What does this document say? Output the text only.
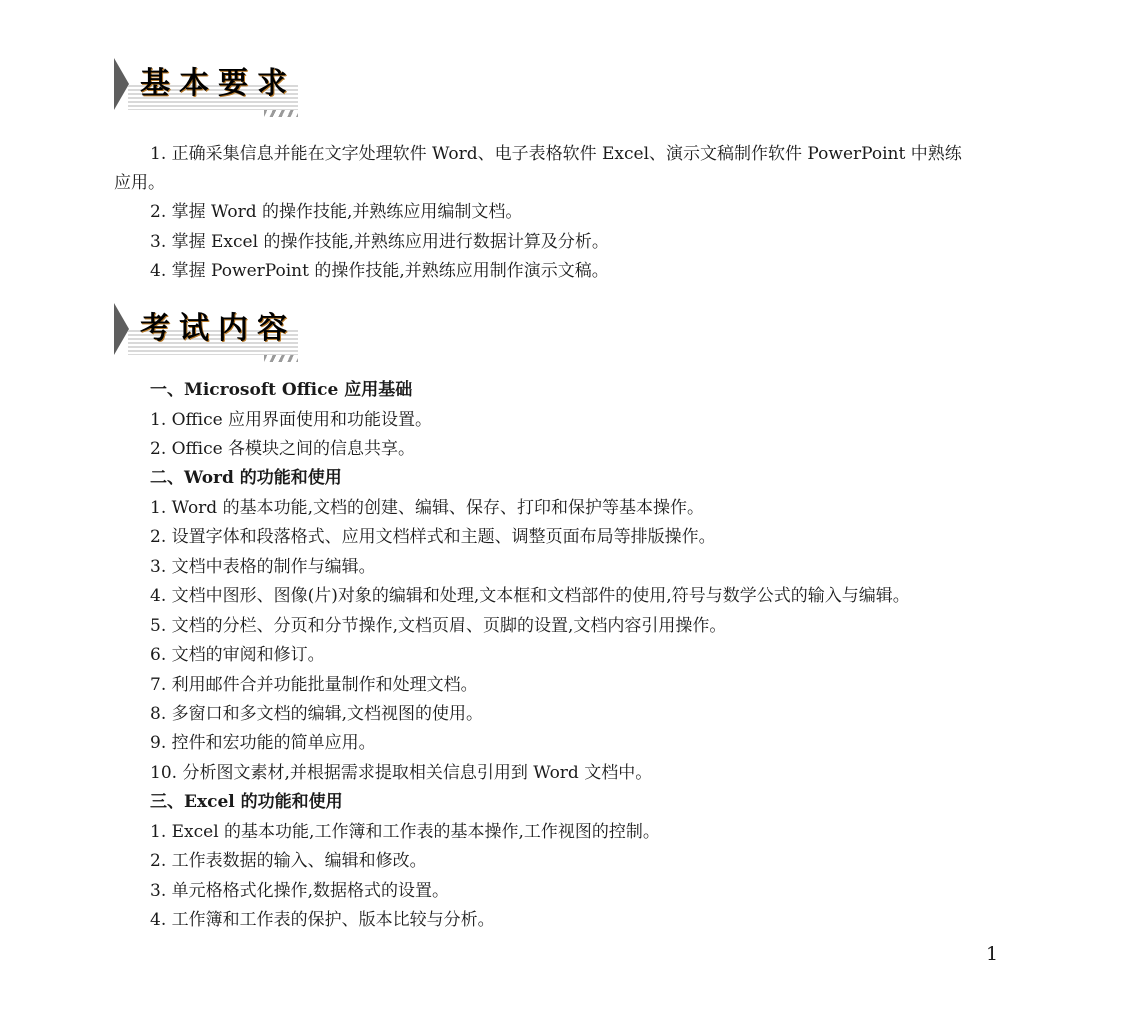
基本要求
1. 正确采集信息并能在文字处理软件 Word、电子表格软件 Excel、演示文稿制作软件 PowerPoint 中熟练
应用。
2. 掌握 Word 的操作技能,并熟练应用编制文档。
3. 掌握 Excel 的操作技能,并熟练应用进行数据计算及分析。
4. 掌握 PowerPoint 的操作技能,并熟练应用制作演示文稿。
考试内容
一、Microsoft Office 应用基础
1. Office 应用界面使用和功能设置。
2. Office 各模块之间的信息共享。
二、Word 的功能和使用
1. Word 的基本功能,文档的创建、编辑、保存、打印和保护等基本操作。
2. 设置字体和段落格式、应用文档样式和主题、调整页面布局等排版操作。
3. 文档中表格的制作与编辑。
4. 文档中图形、图像(片)对象的编辑和处理,文本框和文档部件的使用,符号与数学公式的输入与编辑。
5. 文档的分栏、分页和分节操作,文档页眉、页脚的设置,文档内容引用操作。
6. 文档的审阅和修订。
7. 利用邮件合并功能批量制作和处理文档。
8. 多窗口和多文档的编辑,文档视图的使用。
9. 控件和宏功能的简单应用。
10. 分析图文素材,并根据需求提取相关信息引用到 Word 文档中。
三、Excel 的功能和使用
1. Excel 的基本功能,工作簿和工作表的基本操作,工作视图的控制。
2. 工作表数据的输入、编辑和修改。
3. 单元格格式化操作,数据格式的设置。
4. 工作簿和工作表的保护、版本比较与分析。
1
